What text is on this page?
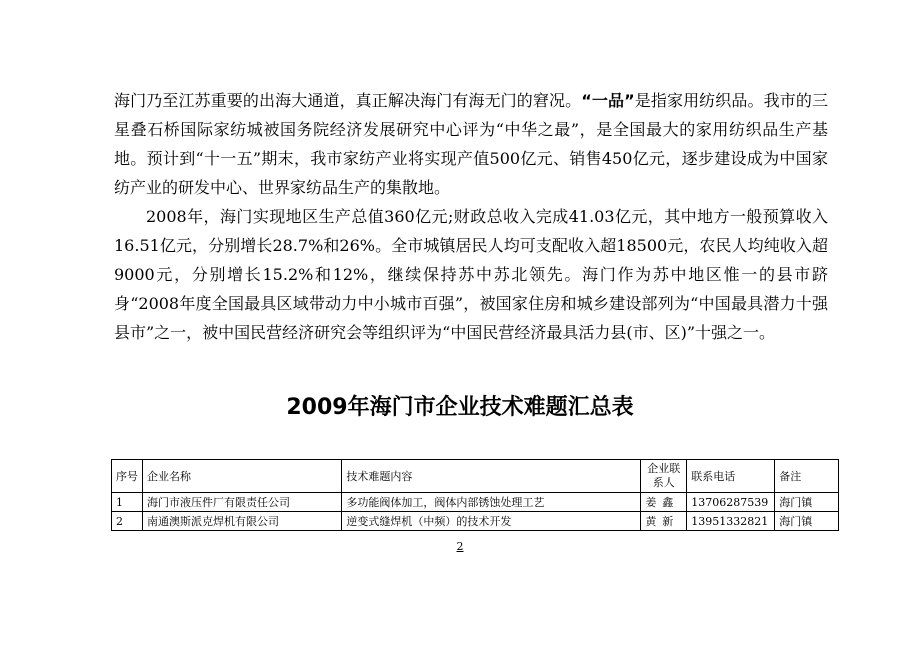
海门乃至江苏重要的出海大通道，真正解决海门有海无门的窘况。“一品”是指家用纺织品。我市的三星叠石桥国际家纺城被国务院经济发展研究中心评为“中华之最”，是全国最大的家用纺织品生产基地。预计到“十一五”期末，我市家纺产业将实现产值500亿元、销售450亿元，逐步建设成为中国家纺产业的研发中心、世界家纺品生产的集散地。

2008年，海门实现地区生产总值360亿元;财政总收入完成41.03亿元，其中地方一般预算收入16.51亿元，分别增长28.7%和26%。全市城镇居民人均可支配收入超18500元，农民人均纯收入超9000元，分别增长15.2%和12%，继续保持苏中苏北领先。海门作为苏中地区惟一的县市跻身“2008年度全国最具区域带动力中小城市百强”，被国家住房和城乡建设部列为“中国最具潜力十强县市”之一，被中国民营经济研究会等组织评为“中国民营经济最具活力县(市、区)”十强之一。

2009年海门市企业技术难题汇总表
序号	企业名称	技术难题内容	企业联系人	联系电话	备注
1	海门市液压件厂有限责任公司	多功能阀体加工，阀体内部锈蚀处理工艺	姜鑫	13706287539	海门镇
2	南通澳斯派克焊机有限公司	逆变式缝焊机（中频）的技术开发	黄新	13951332821	海门镇
2
